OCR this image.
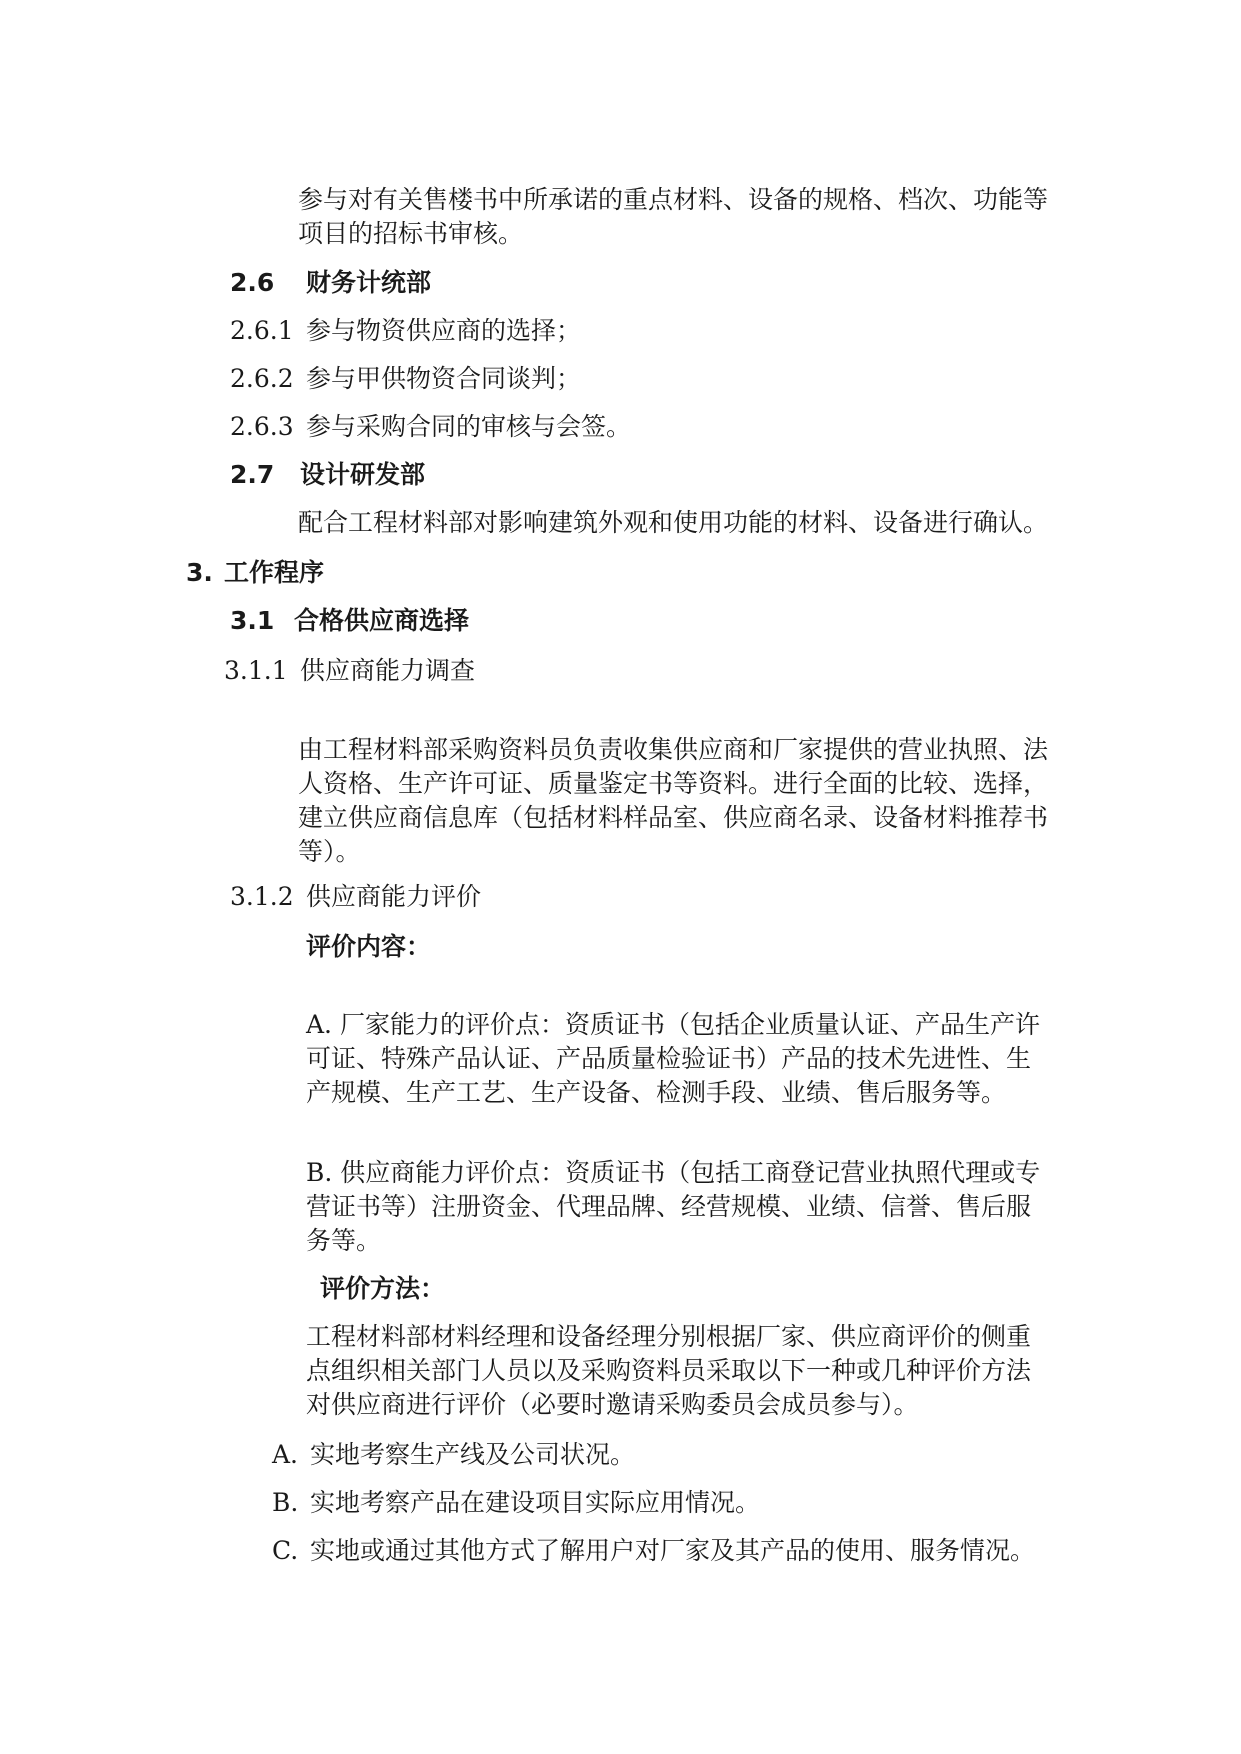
参与对有关售楼书中所承诺的重点材料、设备的规格、档次、功能等
项目的招标书审核。
2.6 财务计统部
2.6.1 参与物资供应商的选择；
2.6.2 参与甲供物资合同谈判；
2.6.3 参与采购合同的审核与会签。
2.7 设计研发部
配合工程材料部对影响建筑外观和使用功能的材料、设备进行确认。
3. 工作程序
3.1 合格供应商选择
3.1.1 供应商能力调查
由工程材料部采购资料员负责收集供应商和厂家提供的营业执照、法
人资格、生产许可证、质量鉴定书等资料。进行全面的比较、选择，
建立供应商信息库（包括材料样品室、供应商名录、设备材料推荐书
等）。
3.1.2 供应商能力评价
评价内容：
A. 厂家能力的评价点：资质证书（包括企业质量认证、产品生产许
可证、特殊产品认证、产品质量检验证书）产品的技术先进性、生
产规模、生产工艺、生产设备、检测手段、业绩、售后服务等。
B. 供应商能力评价点：资质证书（包括工商登记营业执照代理或专
营证书等）注册资金、代理品牌、经营规模、业绩、信誉、售后服
务等。
评价方法：
工程材料部材料经理和设备经理分别根据厂家、供应商评价的侧重
点组织相关部门人员以及采购资料员采取以下一种或几种评价方法
对供应商进行评价（必要时邀请采购委员会成员参与）。
A. 实地考察生产线及公司状况。
B. 实地考察产品在建设项目实际应用情况。
C. 实地或通过其他方式了解用户对厂家及其产品的使用、服务情况。
